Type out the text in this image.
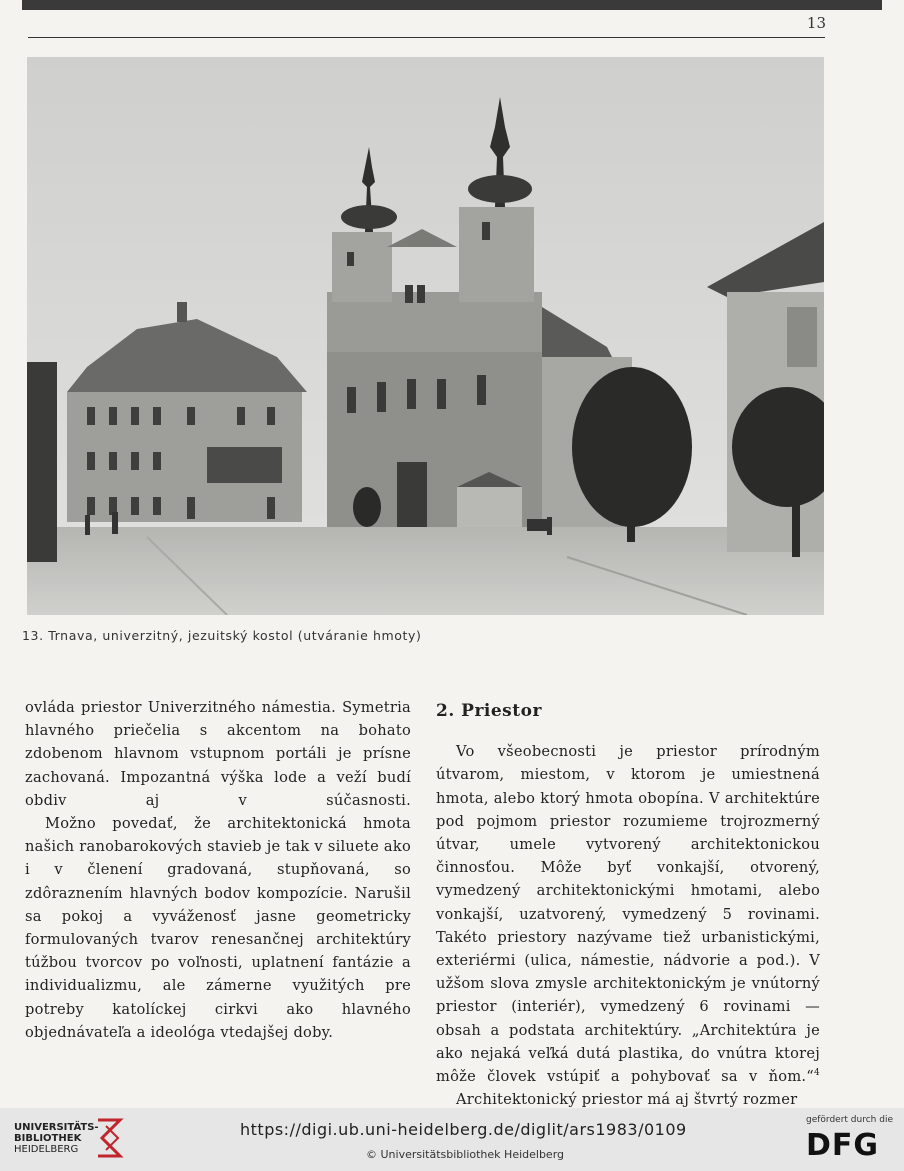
13
13. Trnava, univerzitný, jezuitský kostol (utváranie hmoty)

ovláda priestor Univerzitného námestia. Symetria hlavného priečelia s akcentom na bohato zdobenom hlavnom vstupnom portáli je prísne zachovaná. Impozantná výška lode a veží budí obdiv aj v súčasnosti.

Možno povedať, že architektonická hmota našich ranobarokových stavieb je tak v siluete ako i v členení gradovaná, stupňovaná, so zdôraznením hlavných bodov kompozície. Narušil sa pokoj a vyváženosť jasne geometricky formulovaných tvarov renesančnej architektúry túžbou tvorcov po voľnosti, uplatnení fantázie a individualizmu, ale zámerne využitých pre potreby katolíckej cirkvi ako hlavného objednávateľa a ideológa vtedajšej doby.

2. Priestor

Vo všeobecnosti je priestor prírodným útvarom, miestom, v ktorom je umiestnená hmota, alebo ktorý hmota obopína. V architektúre pod pojmom priestor rozumieme trojrozmerný útvar, umele vytvorený architektonickou činnosťou. Môže byť vonkajší, otvorený, vymedzený architektonickými hmotami, alebo vonkajší, uzatvorený, vymedzený 5 rovinami. Takéto priestory nazývame tiež urbanistickými, exteriérmi (ulica, námestie, nádvorie a pod.). V užšom slova zmysle architektonickým je vnútorný priestor (interiér), vymedzený 6 rovinami — obsah a podstata architektúry. „Architektúra je ako nejaká veľká dutá plastika, do vnútra ktorej môže človek vstúpiť a pohybovať sa v ňom.“$^4$

Architektonický priestor má aj štvrtý rozmer

UNIVERSITÄTS-
BIBLIOTHEK
HEIDELBERG
https://digi.ub.uni-heidelberg.de/diglit/ars1983/0109
© Universitätsbibliothek Heidelberg
gefördert durch die
DFG
